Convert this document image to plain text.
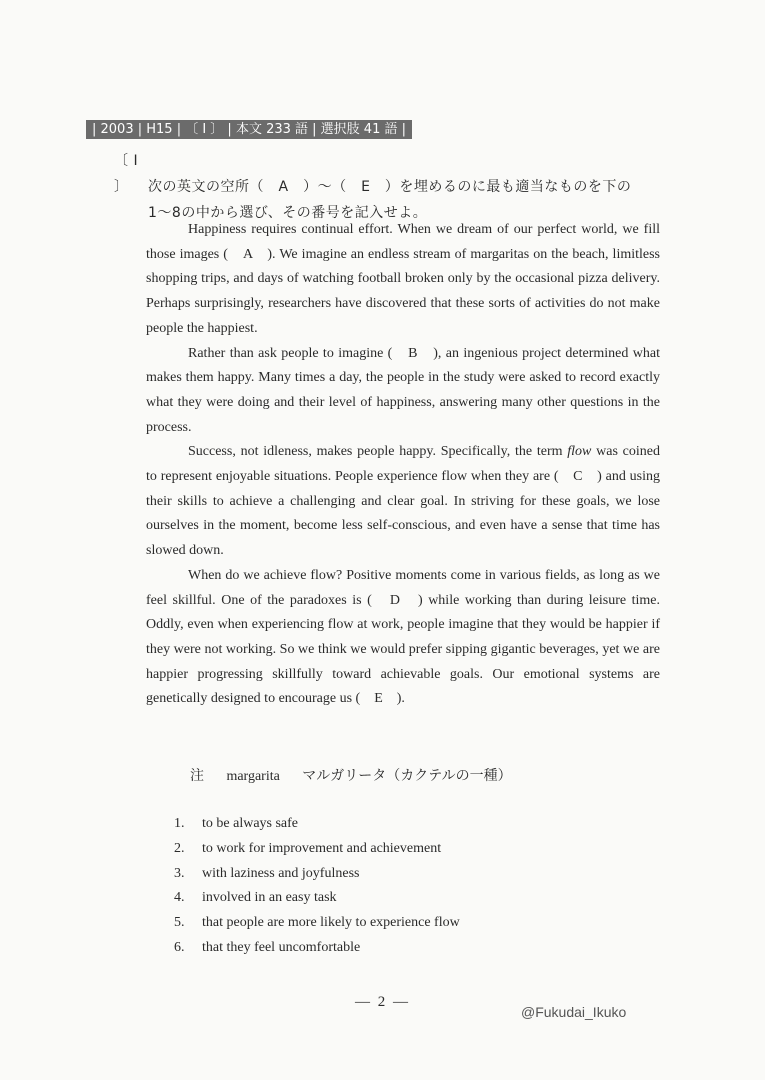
| 2003 | H15 | 〔 I 〕 | 本文 233 語 | 選択肢 41 語 |
〔 I 〕 次の英文の空所（　A　）〜（　E　）を埋めるのに最も適当なものを下の
1〜8の中から選び、その番号を記入せよ。

Happiness requires continual effort. When we dream of our perfect world, we fill those images (　A　). We imagine an endless stream of margaritas on the beach, limitless shopping trips, and days of watching football broken only by the occasional pizza delivery. Perhaps surprisingly, researchers have discovered that these sorts of activities do not make people the happiest.

Rather than ask people to imagine (　B　), an ingenious project determined what makes them happy. Many times a day, the people in the study were asked to record exactly what they were doing and their level of happiness, answering many other questions in the process.

Success, not idleness, makes people happy. Specifically, the term flow was coined to represent enjoyable situations. People experience flow when they are (　C　) and using their skills to achieve a challenging and clear goal. In striving for these goals, we lose ourselves in the moment, become less self-conscious, and even have a sense that time has slowed down.

When do we achieve flow? Positive moments come in various fields, as long as we feel skillful. One of the paradoxes is (　D　) while working than during leisure time. Oddly, even when experiencing flow at work, people imagine that they would be happier if they were not working. So we think we would prefer sipping gigantic beverages, yet we are happier progressing skillfully toward achievable goals. Our emotional systems are genetically designed to encourage us (　E　).

注 margarita マルガリータ（カクテルの一種）
1.	to be always safe
2.	to work for improvement and achievement
3.	with laziness and joyfulness
4.	involved in an easy task
5.	that people are more likely to experience flow
6.	that they feel uncomfortable
— 2 —
@Fukudai_Ikuko
